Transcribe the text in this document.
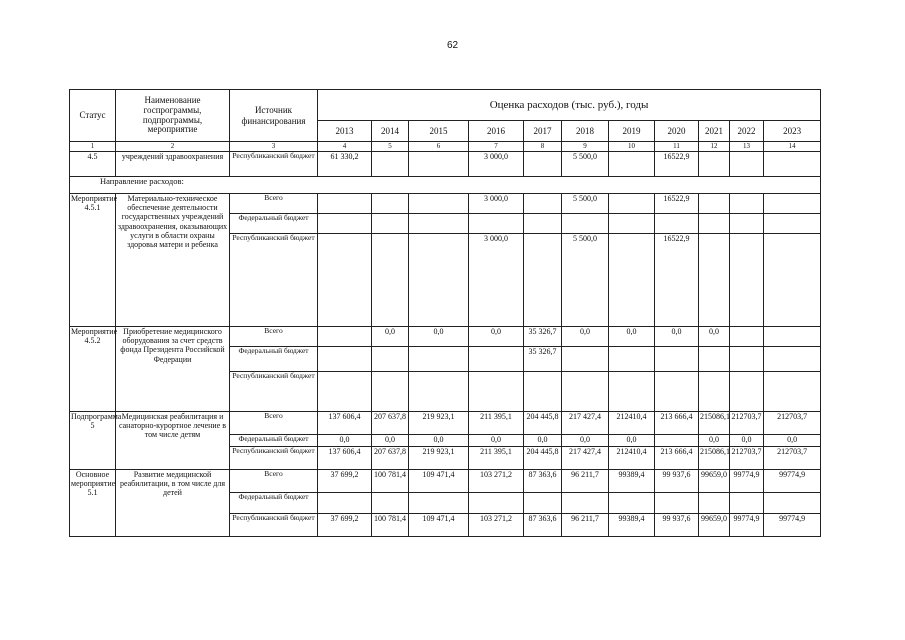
62
Статус	Наименование госпрограммы, подпрограммы, мероприятие	Источник финансирования	Оценка расходов (тыс. руб.), годы										
			2013	2014	2015	2016	2017	2018	2019	2020	2021	2022	2023
1	2	3	4	5	6	7	8	9	10	11	12	13	14
4.5	учреждений здравоохранения	Республиканский бюджет	61 330,2			3 000,0		5 500,0		16522,9			
Направление расходов:													
Мероприятие 4.5.1	Материально-техническое обеспечение деятельности государственных учреждений здравоохранения, оказывающих услуги в области охраны здоровья матери и ребенка	Всего				3 000,0		5 500,0		16522,9			
		Федеральный бюджет											
		Республиканский бюджет				3 000,0		5 500,0		16522,9			
Мероприятие 4.5.2	Приобретение медицинского оборудования за счет средств фонда Президента Российской Федерации	Всего		0,0	0,0	0,0	35 326,7	0,0	0,0	0,0	0,0		
		Федеральный бюджет					35 326,7						
		Республиканский бюджет											
Подпрограмма 5	Медицинская реабилитация и санаторно-курортное лечение в том числе детям	Всего	137 606,4	207 637,8	219 923,1	211 395,1	204 445,8	217 427,4	212410,4	213 666,4	215086,1	212703,7	212703,7
		Федеральный бюджет	0,0	0,0	0,0	0,0	0,0	0,0	0,0		0,0	0,0	0,0
		Республиканский бюджет	137 606,4	207 637,8	219 923,1	211 395,1	204 445,8	217 427,4	212410,4	213 666,4	215086,1	212703,7	212703,7
Основное мероприятие 5.1	Развитие медицинской реабилитации, в том числе для детей	Всего	37 699,2	100 781,4	109 471,4	103 271,2	87 363,6	96 211,7	99389,4	99 937,6	99659,0	99774,9	99774,9
		Федеральный бюджет											
		Республиканский бюджет	37 699,2	100 781,4	109 471,4	103 271,2	87 363,6	96 211,7	99389,4	99 937,6	99659,0	99774,9	99774,9
